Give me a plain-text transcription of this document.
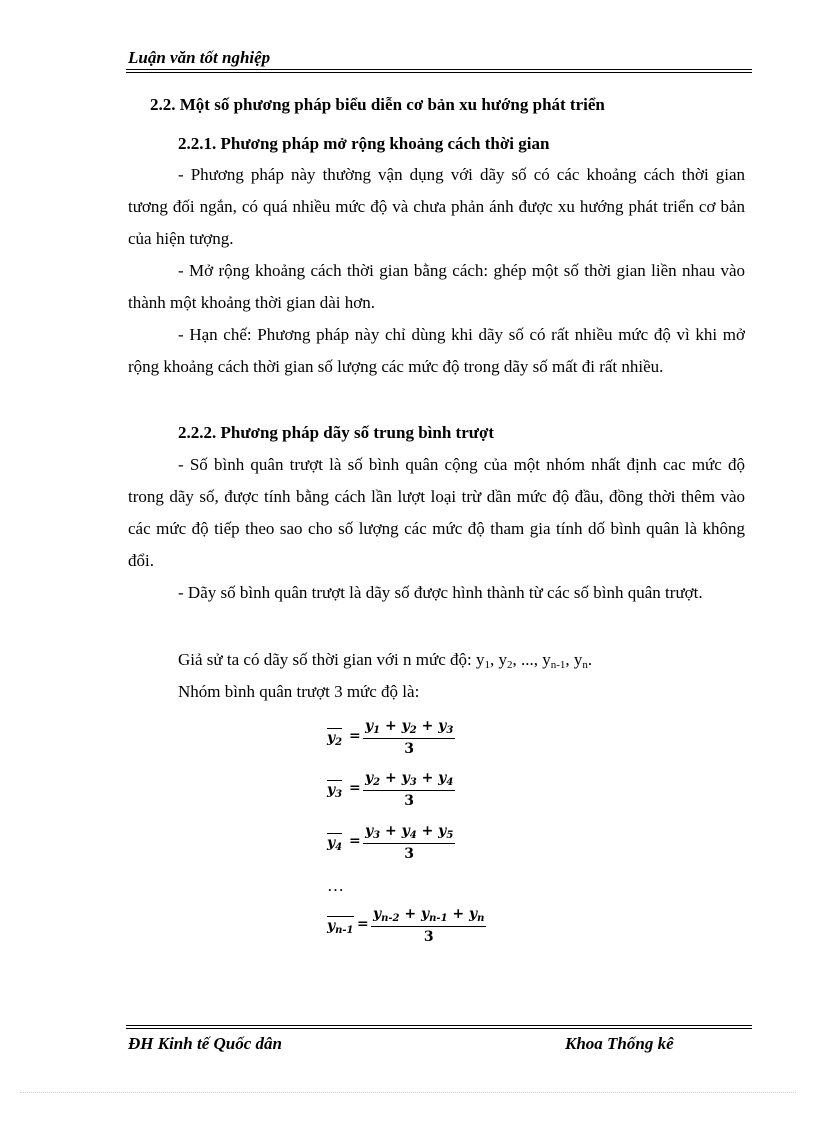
Luận văn tốt nghiệp
2.2. Một số phương pháp biểu diễn cơ bản xu hướng phát triển
2.2.1. Phương pháp mở rộng khoảng cách thời gian

- Phương pháp này thường vận dụng với dãy số có các khoảng cách thời gian tương đối ngắn, có quá nhiều mức độ và chưa phản ánh được xu hướng phát triển cơ bản của hiện tượng.

- Mở rộng khoảng cách thời gian bằng cách: ghép một số thời gian liền nhau vào thành một khoảng thời gian dài hơn.

- Hạn chế: Phương pháp này chỉ dùng khi dãy số có rất nhiều mức độ vì khi mở rộng khoảng cách thời gian số lượng các mức độ trong dãy số mất đi rất nhiều.

2.2.2. Phương pháp dãy số trung bình trượt

- Số bình quân trượt là số bình quân cộng của một nhóm nhất định cac mức độ trong dãy số, được tính bằng cách lần lượt loại trừ dần mức độ đầu, đồng thời thêm vào các mức độ tiếp theo sao cho số lượng các mức độ tham gia tính dố bình quân là không đổi.

- Dãy số bình quân trượt là dãy số được hình thành từ các số bình quân trượt.

Giả sử ta có dãy số thời gian với n mức độ: $y_1$, $y_2$, ..., $y_{n-1}$, $y_n$.
Nhóm bình quân trượt 3 mức độ là:
$y_2 = \frac{y_1 + y_2 + y_3}{3}$
$y_3 = \frac{y_2 + y_3 + y_4}{3}$
$y_4 = \frac{y_3 + y_4 + y_5}{3}$
…
$y_{n-1} = \frac{y_{n-2} + y_{n-1} + y_n}{3}$
ĐH Kinh tế Quốc dân	Khoa Thống kê
